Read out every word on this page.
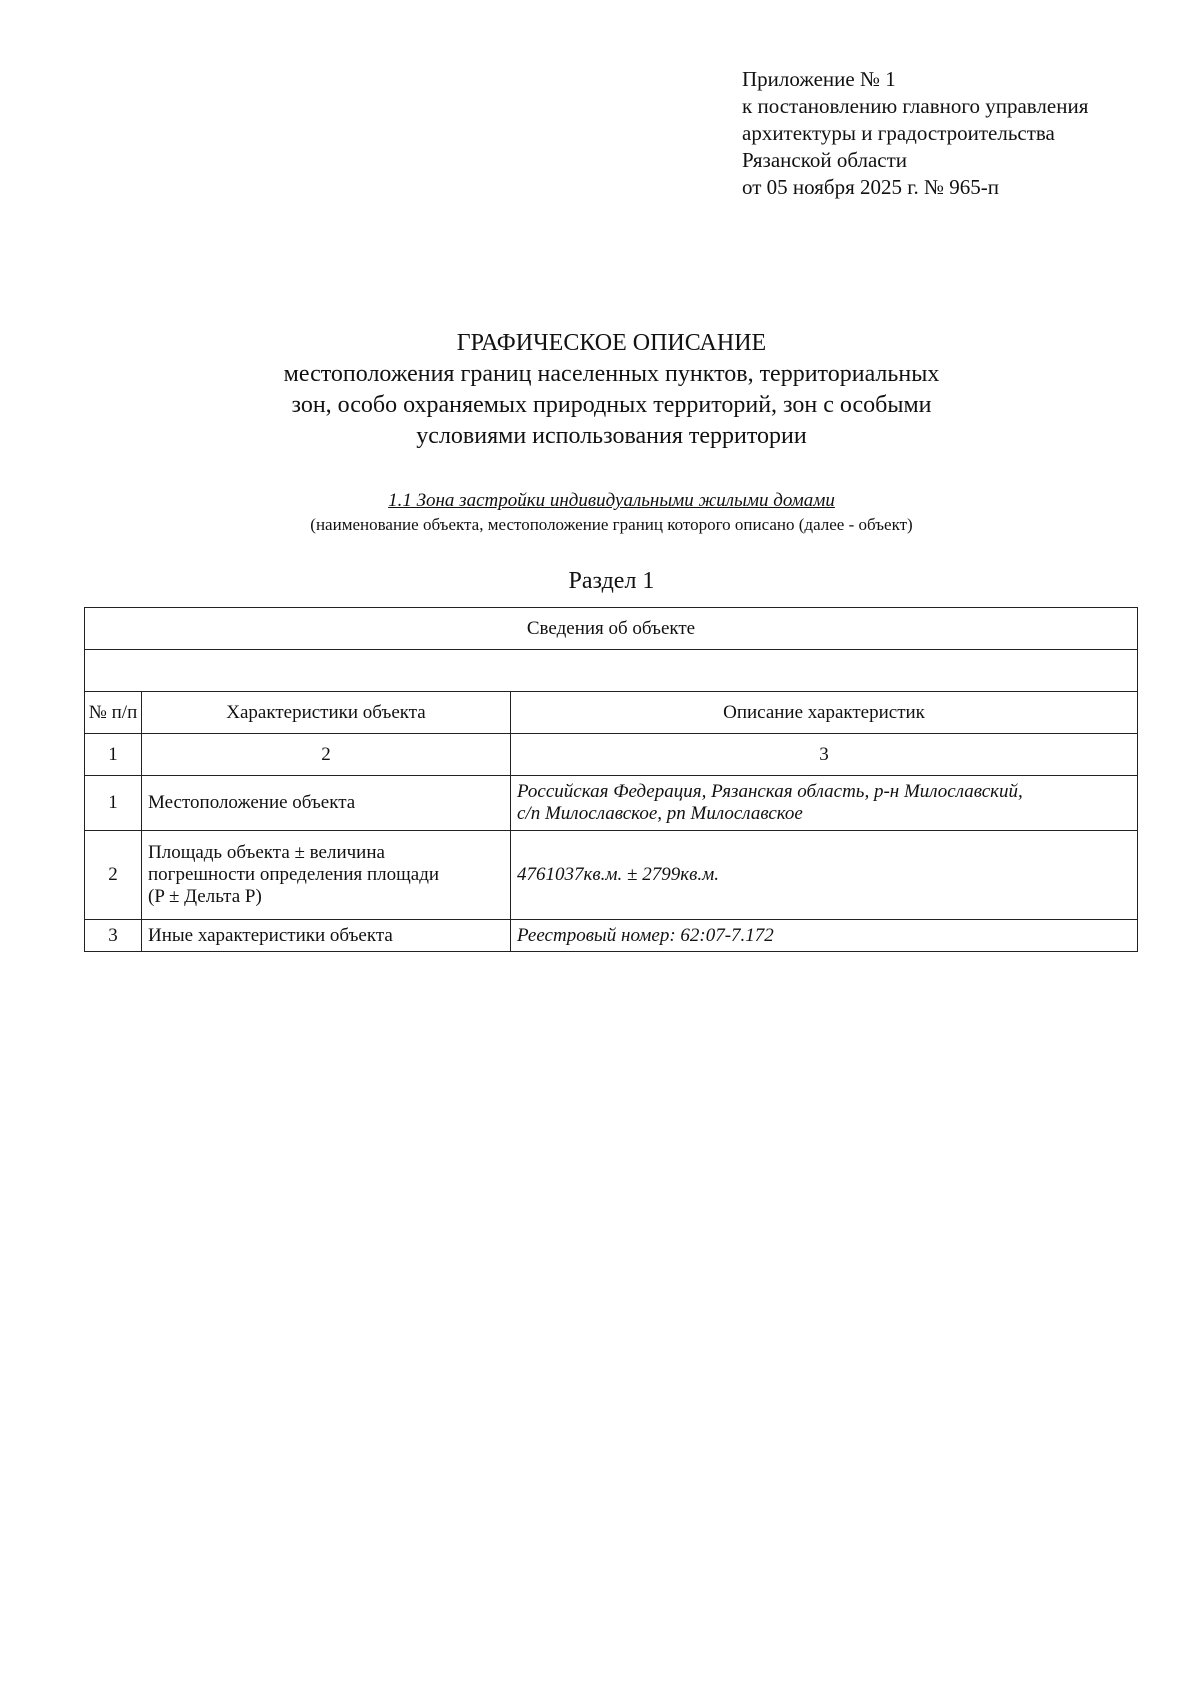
Приложение № 1
к постановлению главного управления
архитектуры и градостроительства
Рязанской области
от 05 ноября 2025 г. № 965-п
ГРАФИЧЕСКОЕ ОПИСАНИЕ
местоположения границ населенных пунктов, территориальных
зон, особо охраняемых природных территорий, зон с особыми
условиями использования территории
1.1 Зона застройки индивидуальными жилыми домами
(наименование объекта, местоположение границ которого описано (далее - объект)
Раздел 1
Сведения об объекте		

№ п/п	Характеристики объекта	Описание характеристик
1	2	3
1	Местоположение объекта	Российская Федерация, Рязанская область, р-н Милославский,
с/п Милославское, рп Милославское

2	Площадь объекта ± величина
погрешности определения площади
(P ± Дельта P)	4761037кв.м. ± 2799кв.м.

3	Иные характеристики объекта	Реестровый номер: 62:07-7.172
